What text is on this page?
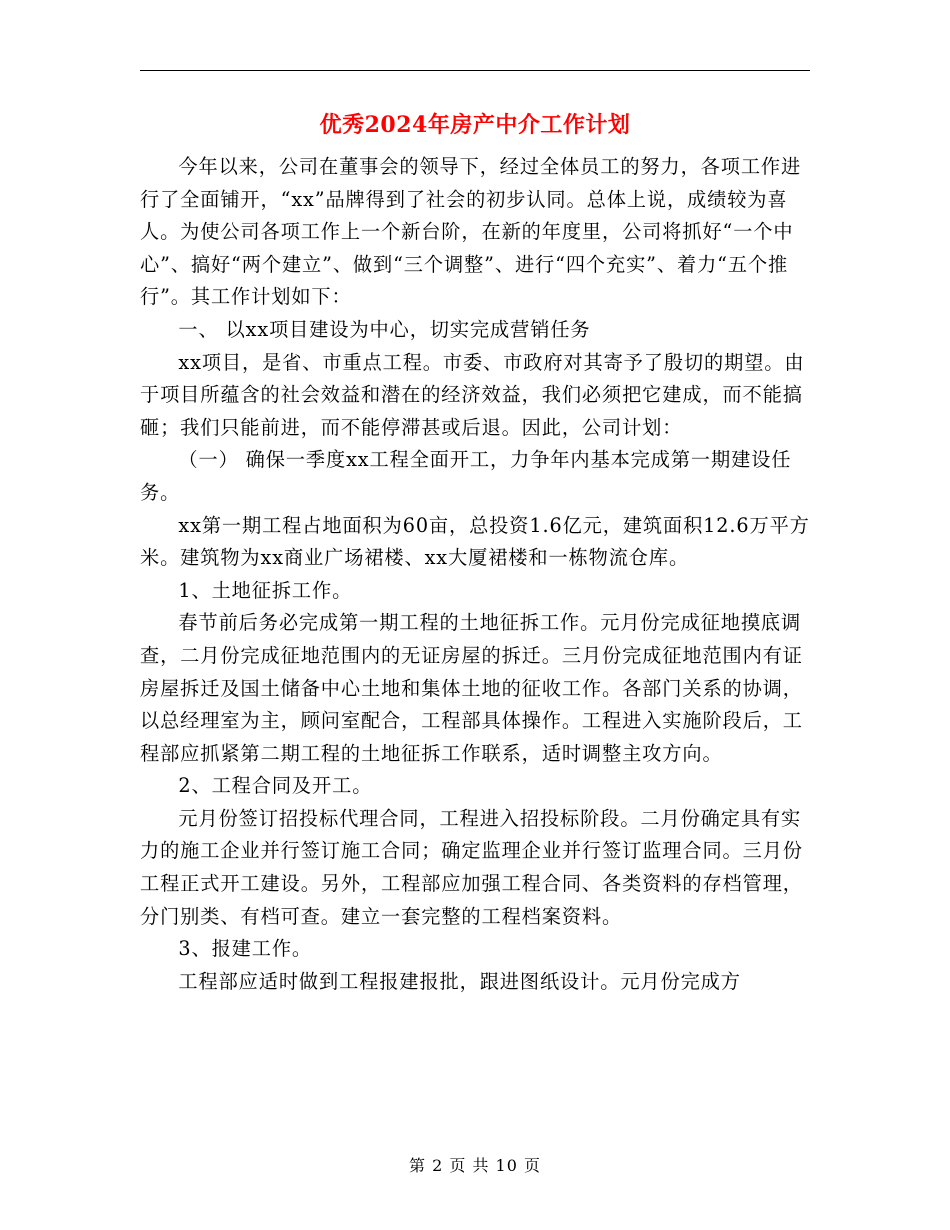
优秀2024年房产中介工作计划

今年以来，公司在董事会的领导下，经过全体员工的努力，各项工作进行了全面铺开，“xx”品牌得到了社会的初步认同。总体上说，成绩较为喜人。为使公司各项工作上一个新台阶，在新的年度里，公司将抓好“一个中心”、搞好“两个建立”、做到“三个调整”、进行“四个充实”、着力“五个推行”。其工作计划如下：

一、 以xx项目建设为中心，切实完成营销任务

xx项目，是省、市重点工程。市委、市政府对其寄予了殷切的期望。由于项目所蕴含的社会效益和潜在的经济效益，我们必须把它建成，而不能搞砸；我们只能前进，而不能停滞甚或后退。因此，公司计划：

（一） 确保一季度xx工程全面开工，力争年内基本完成第一期建设任务。

xx第一期工程占地面积为60亩，总投资1.6亿元，建筑面积12.6万平方米。建筑物为xx商业广场裙楼、xx大厦裙楼和一栋物流仓库。

1、土地征拆工作。

春节前后务必完成第一期工程的土地征拆工作。元月份完成征地摸底调查，二月份完成征地范围内的无证房屋的拆迁。三月份完成征地范围内有证房屋拆迁及国土储备中心土地和集体土地的征收工作。各部门关系的协调，以总经理室为主，顾问室配合，工程部具体操作。工程进入实施阶段后，工程部应抓紧第二期工程的土地征拆工作联系，适时调整主攻方向。

2、工程合同及开工。

元月份签订招投标代理合同，工程进入招投标阶段。二月份确定具有实力的施工企业并行签订施工合同；确定监理企业并行签订监理合同。三月份工程正式开工建设。另外，工程部应加强工程合同、各类资料的存档管理，分门别类、有档可查。建立一套完整的工程档案资料。

3、报建工作。

工程部应适时做到工程报建报批，跟进图纸设计。元月份完成方

第 2 页 共 10 页
